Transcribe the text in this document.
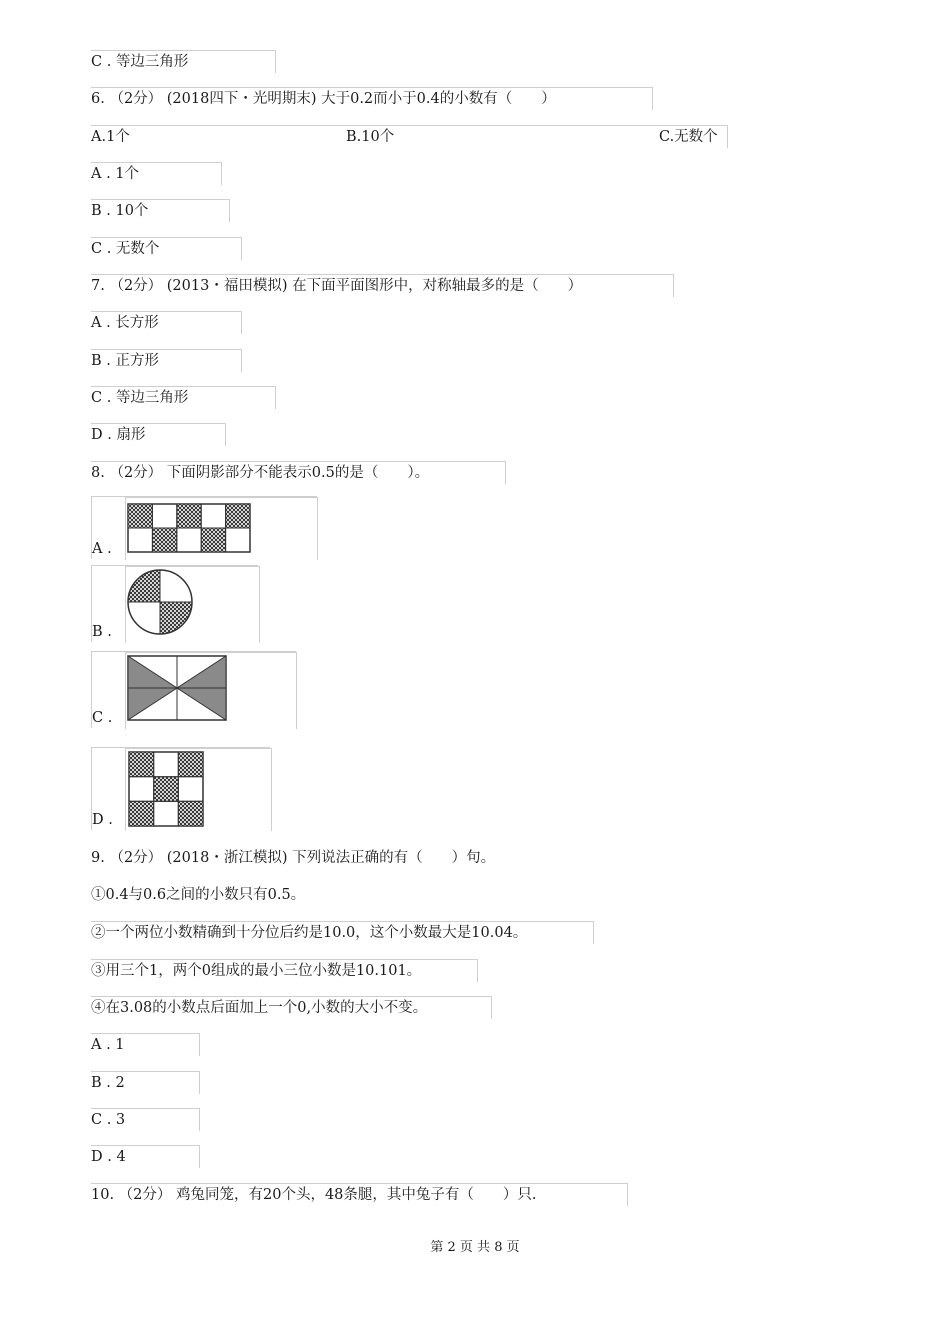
C . 等边三角形
6. （2分） (2018四下・光明期末) 大于0.2而小于0.4的小数有（　　）
A.1个	B.10个	C.无数个
A . 1个
B . 10个
C . 无数个
7. （2分） (2013・福田模拟) 在下面平面图形中，对称轴最多的是（　　）
A . 长方形
B . 正方形
C . 等边三角形
D . 扇形
8. （2分） 下面阴影部分不能表示0.5的是（　　）。
A .
B .
C .
D .
9. （2分） (2018・浙江模拟) 下列说法正确的有（　　）句。
①0.4与0.6之间的小数只有0.5。
②一个两位小数精确到十分位后约是10.0，这个小数最大是10.04。
③用三个1，两个0组成的最小三位小数是10.101。
④在3.08的小数点后面加上一个0,小数的大小不变。
A . 1
B . 2
C . 3
D . 4
10. （2分） 鸡兔同笼，有20个头，48条腿，其中兔子有（　　）只.
第 2 页 共 8 页
